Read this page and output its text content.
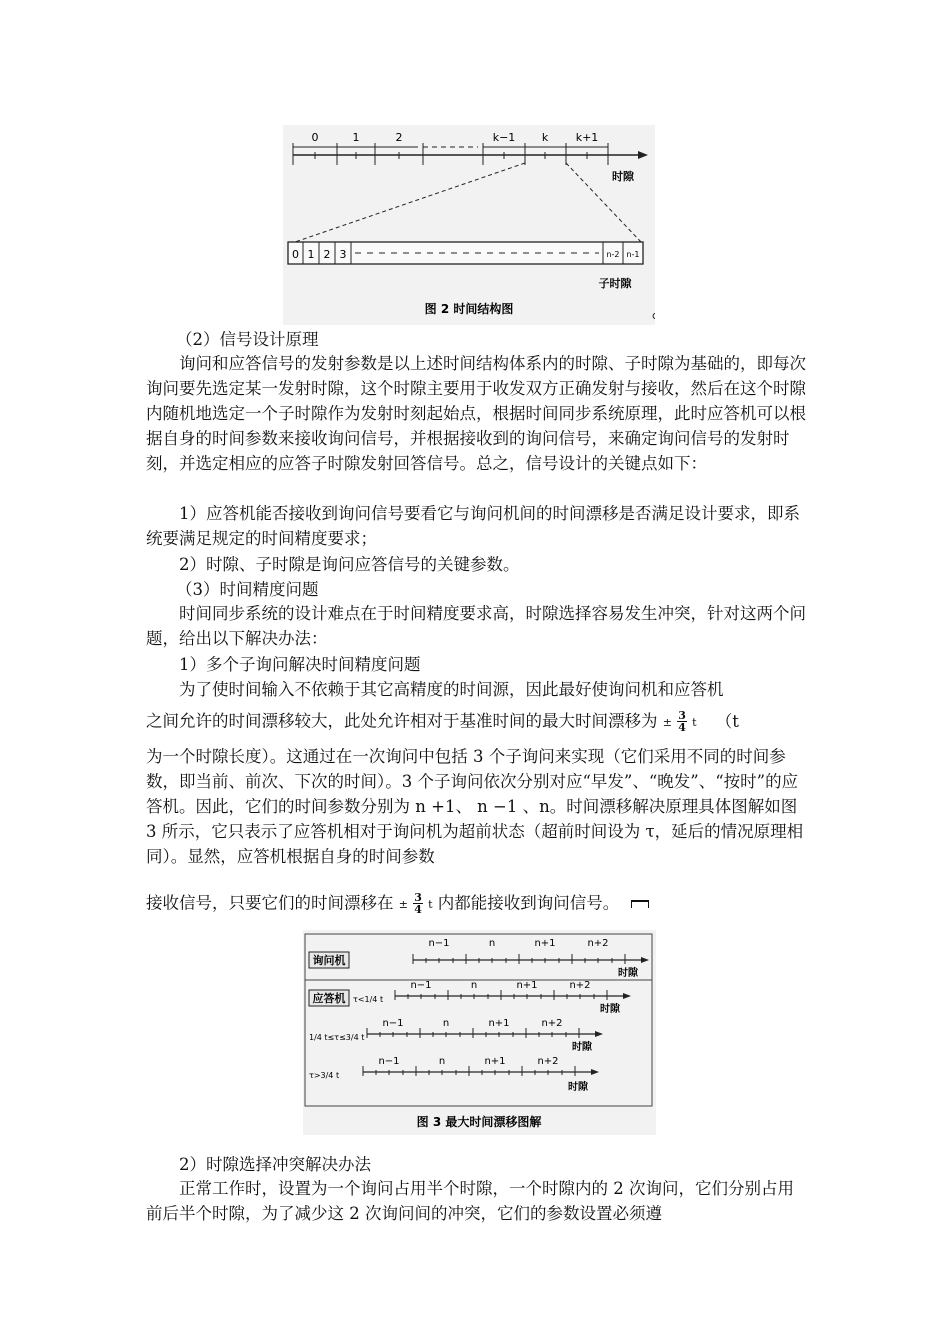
0	1	2	k−1 k	k+1
时隙
0 1 2 3	n-2 n-1
子时隙
图 2 时间结构图
（2）信号设计原理

询问和应答信号的发射参数是以上述时间结构体系内的时隙、子时隙为基础的，即每次询问要先选定某一发射时隙，这个时隙主要用于收发双方正确发射与接收，然后在这个时隙内随机地选定一个子时隙作为发射时刻起始点，根据时间同步系统原理，此时应答机可以根据自身的时间参数来接收询问信号，并根据接收到的询问信号，来确定询问信号的发射时刻，并选定相应的应答子时隙发射回答信号。总之，信号设计的关键点如下：

1）应答机能否接收到询问信号要看它与询问机间的时间漂移是否满足设计要求，即系统要满足规定的时间精度要求；

2）时隙、子时隙是询问应答信号的关键参数。
（3）时间精度问题

时间同步系统的设计难点在于时间精度要求高，时隙选择容易发生冲突，针对这两个问题，给出以下解决办法：

1）多个子询问解决时间精度问题
为了使时间输入不依赖于其它高精度的时间源，因此最好使询问机和应答机
之间允许的时间漂移较大，此处允许相对于基准时间的最大时间漂移为 ± $\frac{3}{4}$ t （t

为一个时隙长度）。这通过在一次询问中包括 3 个子询问来实现（它们采用不同的时间参数，即当前、前次、下次的时间）。3 个子询问依次分别对应“早发”、“晚发”、“按时”的应答机。因此，它们的时间参数分别为 n +1、 n −1 、n。时间漂移解决原理具体图解如图 3 所示，它只表示了应答机相对于询问机为超前状态（超前时间设为 τ，延后的情况原理相同）。显然，应答机根据自身的时间参数

接收信号，只要它们的时间漂移在 ± $\frac{3}{4}$ t 内都能接收到询问信号。
询问机
n−1	n	n+1	n+2
时隙
应答机 τ<1/4 t
n−1	n	n+1	n+2
时隙
1/4 t≤τ≤3/4 t
n−1	n	n+1	n+2
时隙
τ>3/4 t
n−1	n	n+1	n+2
时隙
图 3 最大时间漂移图解
2）时隙选择冲突解决办法

正常工作时，设置为一个询问占用半个时隙，一个时隙内的 2 次询问，它们分别占用前后半个时隙，为了减少这 2 次询问间的冲突，它们的参数设置必须遵
